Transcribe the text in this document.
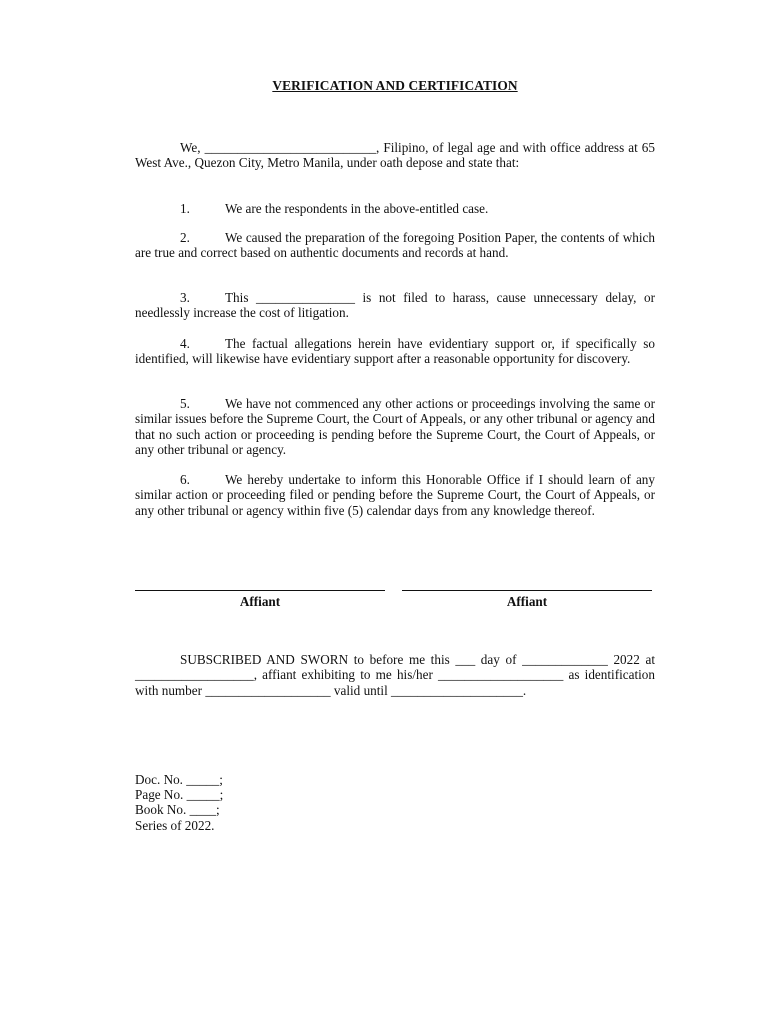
VERIFICATION AND CERTIFICATION

We, __________________________, Filipino, of legal age and with office address at 65 West Ave., Quezon City, Metro Manila, under oath depose and state that:

1.	We are the respondents in the above-entitled case.

2.	We caused the preparation of the foregoing Position Paper, the contents of which are true and correct based on authentic documents and records at hand.

3.	This _______________ is not filed to harass, cause unnecessary delay, or needlessly increase the cost of litigation.

4.	The factual allegations herein have evidentiary support or, if specifically so identified, will likewise have evidentiary support after a reasonable opportunity for discovery.

5.	We have not commenced any other actions or proceedings involving the same or similar issues before the Supreme Court, the Court of Appeals, or any other tribunal or agency and that no such action or proceeding is pending before the Supreme Court, the Court of Appeals, or any other tribunal or agency.

6.	We hereby undertake to inform this Honorable Office if I should learn of any similar action or proceeding filed or pending before the Supreme Court, the Court of Appeals, or any other tribunal or agency within five (5) calendar days from any knowledge thereof.

Affiant	Affiant

SUBSCRIBED AND SWORN to before me this ___ day of _____________ 2022 at __________________, affiant exhibiting to me his/her ___________________ as identification with number ___________________ valid until ____________________.

Doc. No. _____;
Page No. _____;
Book No. ____;
Series of 2022.
